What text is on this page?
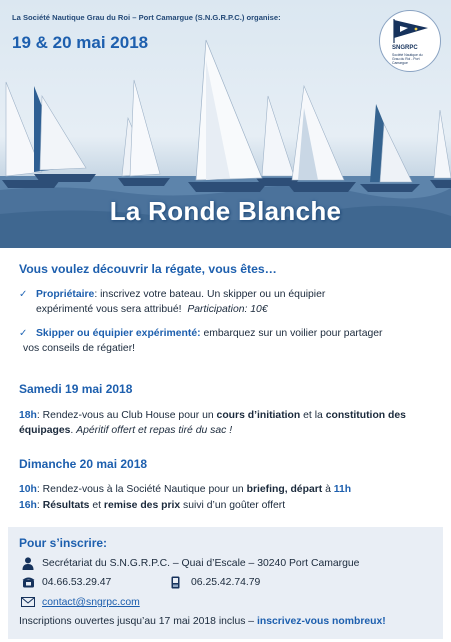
La Société Nautique Grau du Roi – Port Camargue (S.N.G.R.P.C.) organise:
19 & 20 mai 2018	SNGRPC
Société Nautique du Grau du Roi - Port Camargue
La Ronde Blanche
Vous voulez découvrir la régate, vous êtes…
✓ Propriétaire: inscrivez votre bateau. Un skipper ou un équipier
expérimenté vous sera attribué! Participation: 10€
✓ Skipper ou équipier expérimenté: embarquez sur un voilier pour partager
vos conseils de régatier!
Samedi 19 mai 2018
18h: Rendez-vous au Club House pour un cours d’initiation et la constitution des équipages. Apéritif offert et repas tiré du sac !
Dimanche 20 mai 2018
10h: Rendez-vous à la Société Nautique pour un briefing, départ à 11h
16h: Résultats et remise des prix suivi d’un goûter offert
Pour s’inscrire:
Secrétariat du S.N.G.R.P.C. – Quai d’Escale – 30240 Port Camargue
04.66.53.29.47	06.25.42.74.79
contact@sngrpc.com
Inscriptions ouvertes jusqu’au 17 mai 2018 inclus – inscrivez-vous nombreux!
